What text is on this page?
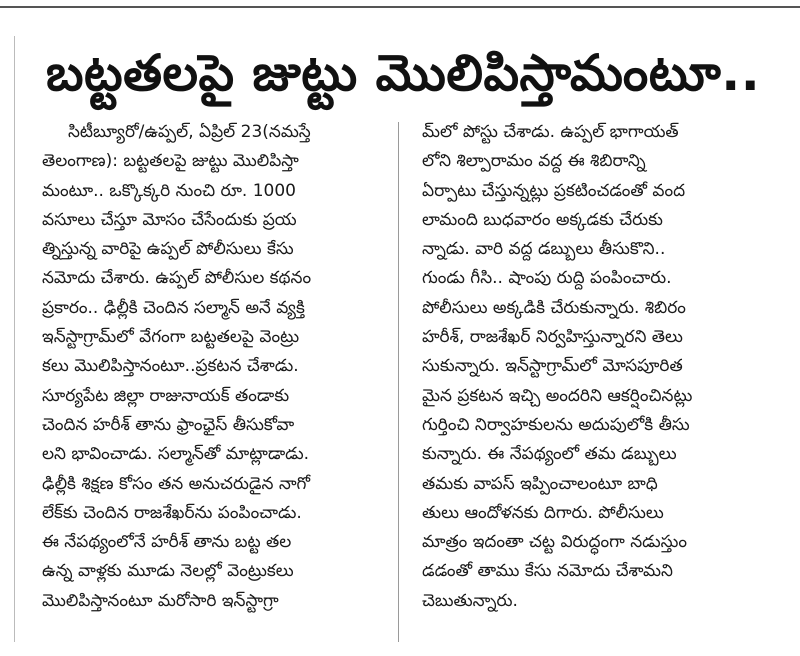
బట్టతలపై జుట్టు మొలిపిస్తామంటూ..
సిటీబ్యూరో/ఉప్పల్, ఏప్రిల్ 23(నమస్తే
తెలంగాణ): బట్టతలపై జుట్టు మొలిపిస్తా
మంటూ.. ఒక్కొక్కరి నుంచి రూ. 1000
వసూలు చేస్తూ మోసం చేసేందుకు ప్రయ
త్నిస్తున్న వారిపై ఉప్పల్ పోలీసులు కేసు
నమోదు చేశారు. ఉప్పల్ పోలీసుల కథనం
ప్రకారం.. ఢిల్లీకి చెందిన సల్మాన్ అనే వ్యక్తి
ఇన్‌స్టాగ్రామ్‌లో వేగంగా బట్టతలపై వెంట్రు
కలు మొలిపిస్తానంటూ..ప్రకటన చేశాడు.
సూర్యపేట జిల్లా రాజునాయక్ తండాకు
చెందిన హరీశ్ తాను ఫ్రాంఛైస్ తీసుకోవా
లని భావించాడు. సల్మాన్‌తో మాట్లాడాడు.
ఢిల్లీకి శిక్షణ కోసం తన అనుచరుడైన నాగో
లేక్‌కు చెందిన రాజశేఖర్‌ను పంపించాడు.
ఈ నేపథ్యంలోనే హరీశ్ తాను బట్ట తల
ఉన్న వాళ్లకు మూడు నెలల్లో వెంట్రుకలు
మొలిపిస్తానంటూ మరోసారి ఇన్‌స్టాగ్రా
మ్‌లో పోస్టు చేశాడు. ఉప్పల్ భాగాయత్
లోని శిల్పారామం వద్ద ఈ శిబిరాన్ని
ఏర్పాటు చేస్తున్నట్లు ప్రకటించడంతో వంద
లామంది బుధవారం అక్కడకు చేరుకు
న్నాడు. వారి వద్ద డబ్బులు తీసుకొని..
గుండు గీసి.. షాంపు రుద్ది పంపించారు.
పోలీసులు అక్కడికి చేరుకున్నారు. శిబిరం
హరీశ్, రాజశేఖర్ నిర్వహిస్తున్నారని తెలు
సుకున్నారు. ఇన్‌స్టాగ్రామ్‌లో మోసపూరిత
మైన ప్రకటన ఇచ్చి అందరిని ఆకర్షించినట్లు
గుర్తించి నిర్వాహకులను అదుపులోకి తీసు
కున్నారు. ఈ నేపథ్యంలో తమ డబ్బులు
తమకు వాపస్ ఇప్పించాలంటూ బాధి
తులు ఆందోళనకు దిగారు. పోలీసులు
మాత్రం ఇదంతా చట్ట విరుద్ధంగా నడుస్తుం
డడంతో తాము కేసు నమోదు చేశామని
చెబుతున్నారు.
